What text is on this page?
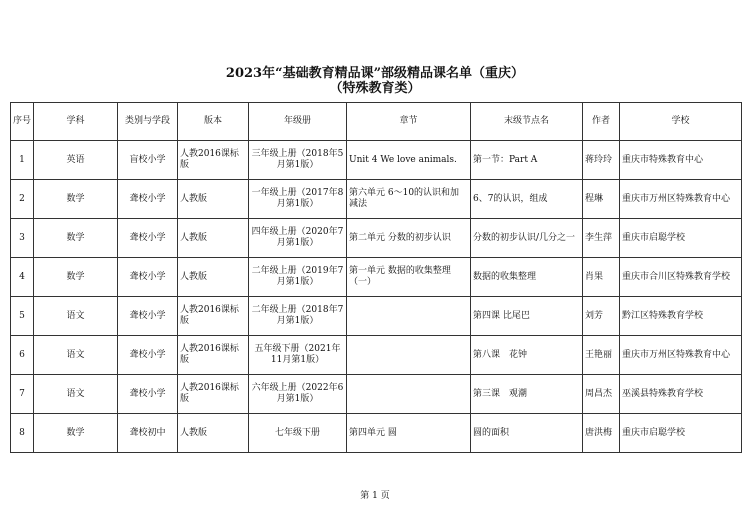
2023年“基础教育精品课”部级精品课名单（重庆）
（特殊教育类）
序号	学科	类别与学段	版本	年级册	章节	末级节点名	作者	学校
1	英语	盲校小学	人教2016课标版	三年级上册（2018年5月第1版）	Unit 4 We love animals.	第一节：Part A	蒋玲玲	重庆市特殊教育中心
2	数学	聋校小学	人教版	一年级上册（2017年8月第1版）	第六单元 6～10的认识和加减法	6、7的认识，组成	程琳	重庆市万州区特殊教育中心
3	数学	聋校小学	人教版	四年级上册（2020年7月第1版）	第二单元 分数的初步认识	分数的初步认识/几分之一	李生萍	重庆市启聪学校
4	数学	聋校小学	人教版	二年级上册（2019年7月第1版）	第一单元 数据的收集整理（一）	数据的收集整理	肖果	重庆市合川区特殊教育学校
5	语文	聋校小学	人教2016课标版	二年级上册（2018年7月第1版）		第四课 比尾巴	刘芳	黔江区特殊教育学校
6	语文	聋校小学	人教2016课标版	五年级下册（2021年11月第1版）		第八课　花钟	王艳丽	重庆市万州区特殊教育中心
7	语文	聋校小学	人教2016课标版	六年级上册（2022年6月第1版）		第三课　观潮	周昌杰	巫溪县特殊教育学校
8	数学	聋校初中	人教版	七年级下册	第四单元 圆	圆的面积	唐洪梅	重庆市启聪学校
第 1 页
